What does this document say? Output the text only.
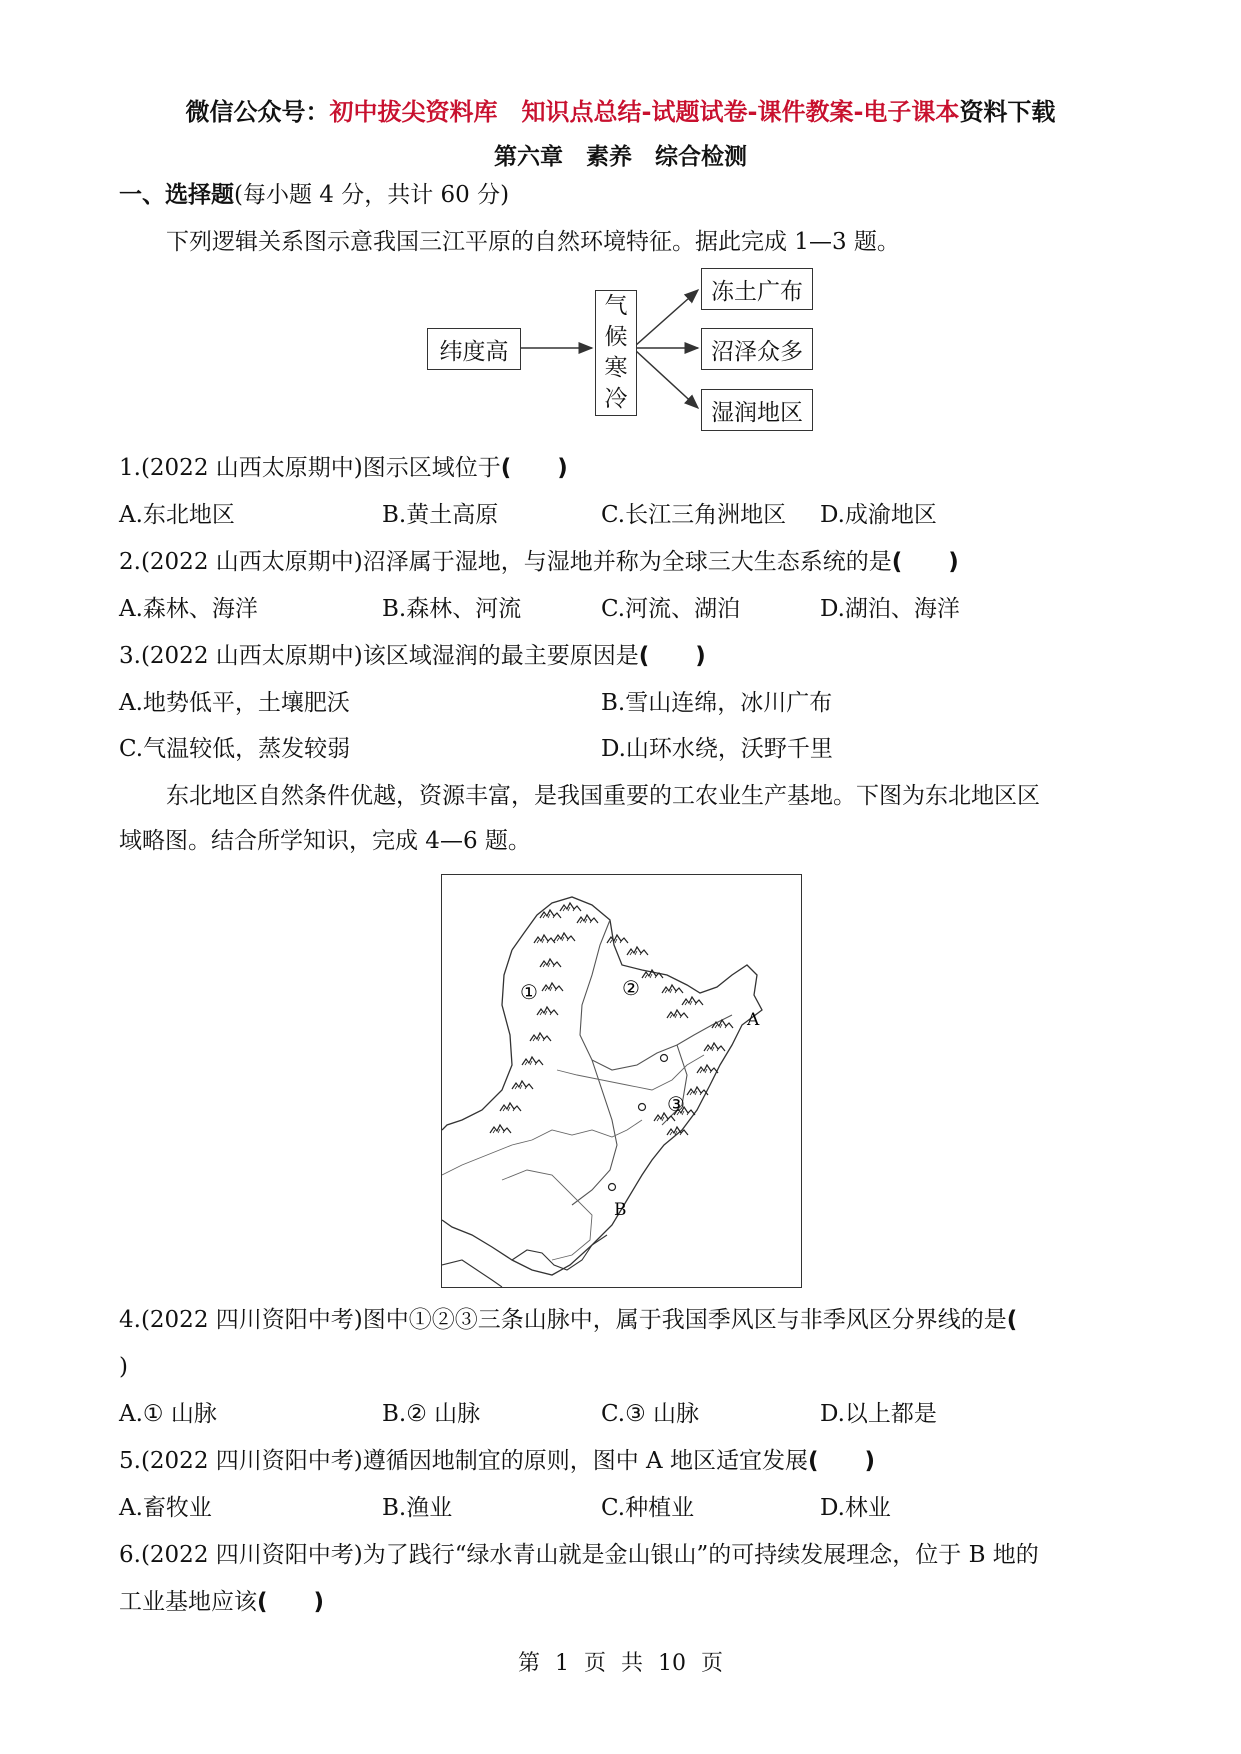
微信公众号：初中拔尖资料库　知识点总结-试题试卷-课件教案-电子课本资料下载
第六章　素养　综合检测
一、选择题(每小题 4 分，共计 60 分)
下列逻辑关系图示意我国三江平原的自然环境特征。据此完成 1—3 题。
纬度高
气
候
寒
冷
冻土广布
沼泽众多
湿润地区
1.(2022 山西太原期中)图示区域位于(　　)
A.东北地区	B.黄土高原	C.长江三角洲地区 D.成渝地区
2.(2022 山西太原期中)沼泽属于湿地，与湿地并称为全球三大生态系统的是(　　)
A.森林、海洋	B.森林、河流	C.河流、湖泊	D.湖泊、海洋
3.(2022 山西太原期中)该区域湿润的最主要原因是(　　)
A.地势低平，土壤肥沃	B.雪山连绵，冰川广布
C.气温较低，蒸发较弱	D.山环水绕，沃野千里
东北地区自然条件优越，资源丰富，是我国重要的工农业生产基地。下图为东北地区区
域略图。结合所学知识，完成 4—6 题。
①	②
③
A
B
4.(2022 四川资阳中考)图中①②③三条山脉中，属于我国季风区与非季风区分界线的是(
)
A.① 山脉	B.② 山脉	C.③ 山脉	D.以上都是
5.(2022 四川资阳中考)遵循因地制宜的原则，图中 A 地区适宜发展(　　)
A.畜牧业	B.渔业	C.种植业	D.林业
6.(2022 四川资阳中考)为了践行“绿水青山就是金山银山”的可持续发展理念，位于 B 地的
工业基地应该(　　)
第 1 页 共 10 页
